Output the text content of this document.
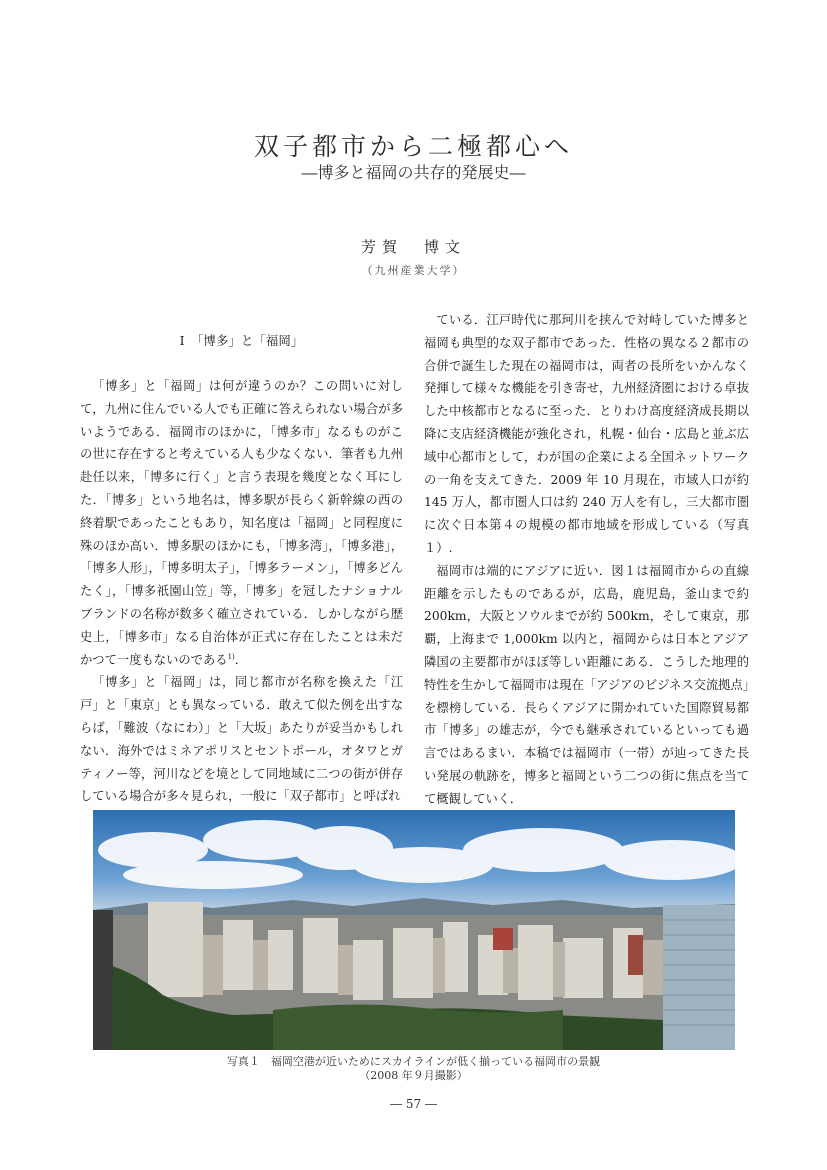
双子都市から二極都心へ
―博多と福岡の共存的発展史―
芳賀　博文
（九州産業大学）
Ⅰ　「博多」と「福岡」

「博多」と「福岡」は何が違うのか？この問いに対して，九州に住んでいる人でも正確に答えられない場合が多いようである．福岡市のほかに，「博多市」なるものがこの世に存在すると考えている人も少なくない．筆者も九州赴任以来，「博多に行く」と言う表現を幾度となく耳にした．「博多」という地名は，博多駅が長らく新幹線の西の終着駅であったこともあり，知名度は「福岡」と同程度に殊のほか高い．博多駅のほかにも，「博多湾」，「博多港」，「博多人形」，「博多明太子」，「博多ラーメン」，「博多どんたく」，「博多祇園山笠」等，「博多」を冠したナショナルブランドの名称が数多く確立されている．しかしながら歴史上，「博多市」なる自治体が正式に存在したことは未だかつて一度もないのである$^{1)}$．

「博多」と「福岡」は，同じ都市が名称を換えた「江戸」と「東京」とも異なっている．敢えて似た例を出すならば，「難波（なにわ）」と「大坂」あたりが妥当かもしれない．海外ではミネアポリスとセントポール，オタワとガティノー等，河川などを境として同地域に二つの街が併存している場合が多々見られ，一般に「双子都市」と呼ばれ

ている．江戸時代に那珂川を挟んで対峙していた博多と福岡も典型的な双子都市であった．性格の異なる２都市の合併で誕生した現在の福岡市は，両者の長所をいかんなく発揮して様々な機能を引き寄せ，九州経済圏における卓抜した中核都市となるに至った．とりわけ高度経済成長期以降に支店経済機能が強化され，札幌・仙台・広島と並ぶ広域中心都市として，わが国の企業による全国ネットワークの一角を支えてきた．2009 年 10 月現在，市域人口が約 145 万人，都市圏人口は約 240 万人を有し，三大都市圏に次ぐ日本第４の規模の都市地域を形成している（写真１）.

福岡市は端的にアジアに近い．図１は福岡市からの直線距離を示したものであるが，広島，鹿児島，釜山まで約 200km，大阪とソウルまでが約 500km，そして東京，那覇，上海まで 1,000km 以内と，福岡からは日本とアジア隣国の主要都市がほぼ等しい距離にある．こうした地理的特性を生かして福岡市は現在「アジアのビジネス交流拠点」を標榜している．長らくアジアに開かれていた国際貿易都市「博多」の雄志が，今でも継承されているといっても過言ではあるまい．本稿では福岡市（一帯）が辿ってきた長い発展の軌跡を，博多と福岡という二つの街に焦点を当てて概観していく．

写真１　福岡空港が近いためにスカイラインが低く揃っている福岡市の景観
（2008 年９月撮影）
― 57 ―
